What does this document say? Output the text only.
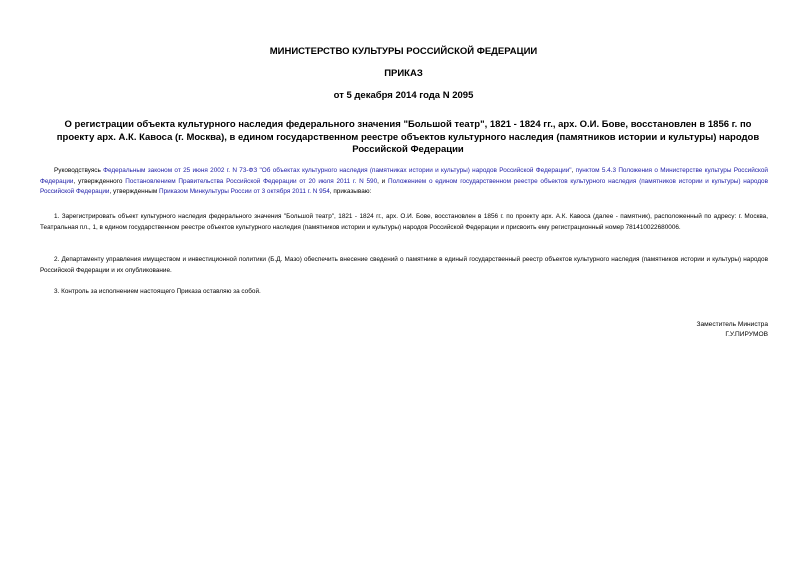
МИНИСТЕРСТВО КУЛЬТУРЫ РОССИЙСКОЙ ФЕДЕРАЦИИ

ПРИКАЗ

от 5 декабря 2014 года N 2095

О регистрации объекта культурного наследия федерального значения "Большой театр", 1821 - 1824 гг., арх. О.И. Бове, восстановлен в 1856 г. по проекту арх. А.К. Кавоса (г. Москва), в едином государственном реестре объектов культурного наследия (памятников истории и культуры) народов Российской Федерации

Руководствуясь Федеральным законом от 25 июня 2002 г. N 73-ФЗ "Об объектах культурного наследия (памятниках истории и культуры) народов Российской Федерации", пунктом 5.4.3 Положения о Министерстве культуры Российской Федерации, утвержденного Постановлением Правительства Российской Федерации от 20 июля 2011 г. N 590, и Положением о едином государственном реестре объектов культурного наследия (памятников истории и культуры) народов Российской Федерации, утвержденным Приказом Минкультуры России от 3 октября 2011 г. N 954, приказываю:

1. Зарегистрировать объект культурного наследия федерального значения "Большой театр", 1821 - 1824 гг., арх. О.И. Бове, восстановлен в 1856 г. по проекту арх. А.К. Кавоса (далее - памятник), расположенный по адресу: г. Москва, Театральная пл., 1, в едином государственном реестре объектов культурного наследия (памятников истории и культуры) народов Российской Федерации и присвоить ему регистрационный номер 781410022680006.

2. Департаменту управления имуществом и инвестиционной политики (Б.Д. Мазо) обеспечить внесение сведений о памятнике в единый государственный реестр объектов культурного наследия (памятников истории и культуры) народов Российской Федерации и их опубликование.

3. Контроль за исполнением настоящего Приказа оставляю за собой.

Заместитель Министра
Г.У.ПИРУМОВ
